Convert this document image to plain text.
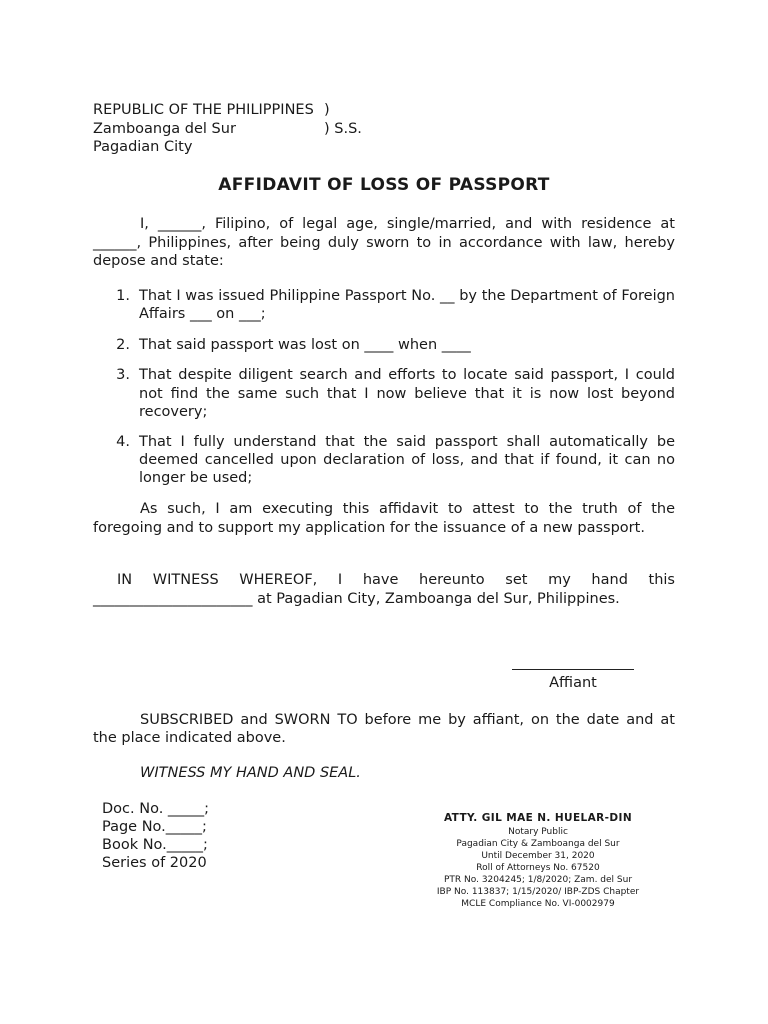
REPUBLIC OF THE PHILIPPINES )
Zamboanga del Sur	) S.S.
Pagadian City
AFFIDAVIT OF LOSS OF PASSPORT
I, ______, Filipino, of legal age, single/married, and with residence at
______, Philippines, after being duly sworn to in accordance with law, hereby
depose and state:
1. That I was issued Philippine Passport No. __ by the Department of Foreign
Affairs ___ on ___;
2. That said passport was lost on ____ when ____
3. That despite diligent search and efforts to locate said passport, I could
not find the same such that I now believe that it is now lost beyond
recovery;
4. That I fully understand that the said passport shall automatically be
deemed cancelled upon declaration of loss, and that if found, it can no
longer be used;
As such, I am executing this affidavit to attest to the truth of the
foregoing and to support my application for the issuance of a new passport.
IN WITNESS WHEREOF, I have hereunto set my hand this
______________________ at Pagadian City, Zamboanga del Sur, Philippines.
Affiant
SUBSCRIBED and SWORN TO before me by affiant, on the date and at
the place indicated above.
WITNESS MY HAND AND SEAL.
Doc. No. _____;
Page No._____;
Book No._____;
Series of 2020
ATTY. GIL MAE N. HUELAR-DIN
Notary Public
Pagadian City & Zamboanga del Sur
Until December 31, 2020
Roll of Attorneys No. 67520
PTR No. 3204245; 1/8/2020; Zam. del Sur
IBP No. 113837; 1/15/2020/ IBP-ZDS Chapter
MCLE Compliance No. VI-0002979
